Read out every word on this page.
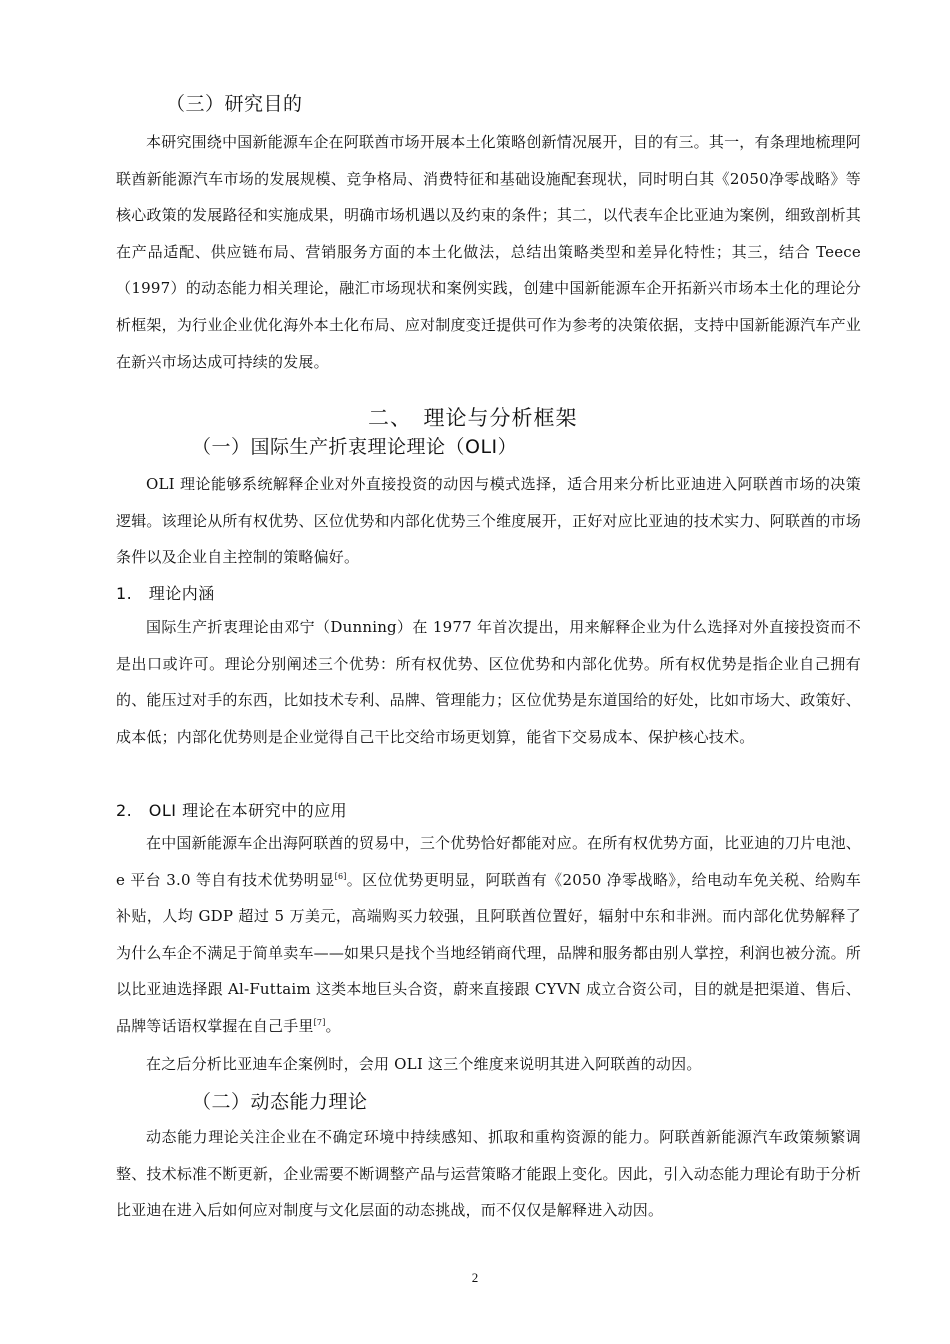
（三）研究目的

本研究围绕中国新能源车企在阿联酋市场开展本土化策略创新情况展开，目的有三。其一，有条理地梳理阿联酋新能源汽车市场的发展规模、竞争格局、消费特征和基础设施配套现状，同时明白其《2050净零战略》等核心政策的发展路径和实施成果，明确市场机遇以及约束的条件；其二，以代表车企比亚迪为案例，细致剖析其在产品适配、供应链布局、营销服务方面的本土化做法，总结出策略类型和差异化特性；其三，结合 Teece（1997）的动态能力相关理论，融汇市场现状和案例实践，创建中国新能源车企开拓新兴市场本土化的理论分析框架，为行业企业优化海外本土化布局、应对制度变迁提供可作为参考的决策依据，支持中国新能源汽车产业在新兴市场达成可持续的发展。

二、　理论与分析框架
（一）国际生产折衷理论理论（OLI）

OLI 理论能够系统解释企业对外直接投资的动因与模式选择，适合用来分析比亚迪进入阿联酋市场的决策逻辑。该理论从所有权优势、区位优势和内部化优势三个维度展开，正好对应比亚迪的技术实力、阿联酋的市场条件以及企业自主控制的策略偏好。

1.　理论内涵

国际生产折衷理论由邓宁（Dunning）在 1977 年首次提出，用来解释企业为什么选择对外直接投资而不是出口或许可。理论分别阐述三个优势：所有权优势、区位优势和内部化优势。所有权优势是指企业自己拥有的、能压过对手的东西，比如技术专利、品牌、管理能力；区位优势是东道国给的好处，比如市场大、政策好、成本低；内部化优势则是企业觉得自己干比交给市场更划算，能省下交易成本、保护核心技术。

2.　OLI 理论在本研究中的应用

在中国新能源车企出海阿联酋的贸易中，三个优势恰好都能对应。在所有权优势方面，比亚迪的刀片电池、e 平台 3.0 等自有技术优势明显[6]。区位优势更明显，阿联酋有《2050 净零战略》，给电动车免关税、给购车补贴，人均 GDP 超过 5 万美元，高端购买力较强，且阿联酋位置好，辐射中东和非洲。而内部化优势解释了为什么车企不满足于简单卖车——如果只是找个当地经销商代理，品牌和服务都由别人掌控，利润也被分流。所以比亚迪选择跟 Al-Futtaim 这类本地巨头合资，蔚来直接跟 CYVN 成立合资公司，目的就是把渠道、售后、品牌等话语权掌握在自己手里[7]。

在之后分析比亚迪车企案例时，会用 OLI 这三个维度来说明其进入阿联酋的动因。

（二）动态能力理论

动态能力理论关注企业在不确定环境中持续感知、抓取和重构资源的能力。阿联酋新能源汽车政策频繁调整、技术标准不断更新，企业需要不断调整产品与运营策略才能跟上变化。因此，引入动态能力理论有助于分析比亚迪在进入后如何应对制度与文化层面的动态挑战，而不仅仅是解释进入动因。

2
